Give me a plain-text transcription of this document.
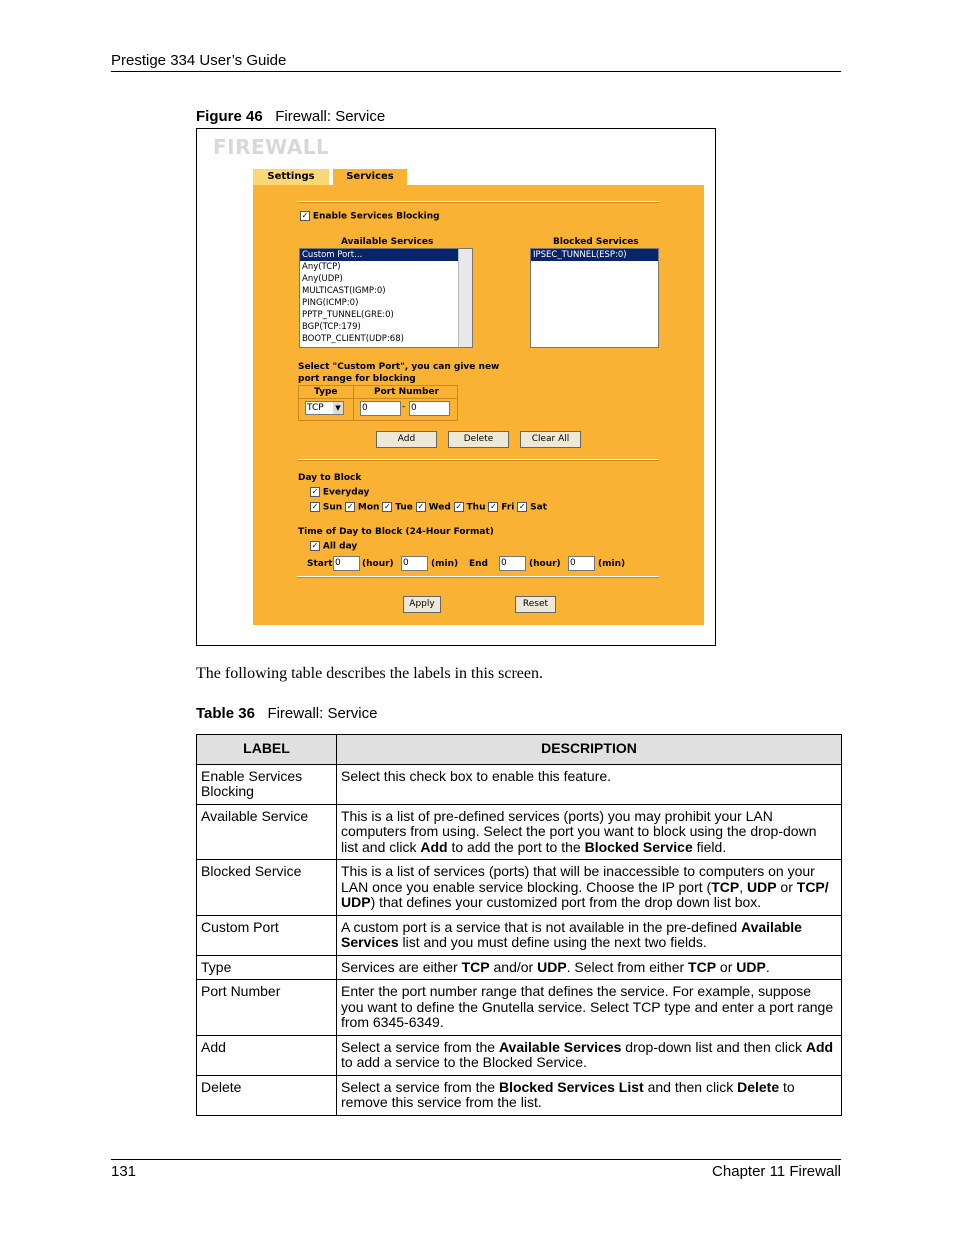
Prestige 334 User’s Guide
Figure 46 Firewall: Service
FIREWALL
Settings	Services
✓ Enable Services Blocking
Available Services	Blocked Services
Custom Port...
Any(TCP)
Any(UDP)
MULTICAST(IGMP:0)
PING(ICMP:0)
PPTP_TUNNEL(GRE:0)
BGP(TCP:179)
BOOTP_CLIENT(UDP:68)
IPSEC_TUNNEL(ESP:0)
Select "Custom Port", you can give new
port range for blocking
Type	Port Number
TCP	▼ 0	- 0
Add	Delete	Clear All
Day to Block
✓ Everyday
✓ Sun ✓ Mon ✓ Tue ✓ Wed ✓ Thu ✓ Fri ✓ Sat
Time of Day to Block (24-Hour Format)
✓ All day
Start 0	(hour) 0	(min) End 0	(hour) 0	(min)
Apply	Reset
The following table describes the labels in this screen.
Table 36 Firewall: Service
LABEL	DESCRIPTION
Enable Services Blocking	Select this check box to enable this feature.
Available Service	This is a list of pre-defined services (ports) you may prohibit your LAN computers from using. Select the port you want to block using the drop-down list and click Add to add the port to the Blocked Service field.
Blocked Service	This is a list of services (ports) that will be inaccessible to computers on your LAN once you enable service blocking. Choose the IP port (TCP, UDP or TCP/ UDP) that defines your customized port from the drop down list box.
Custom Port	A custom port is a service that is not available in the pre-defined Available Services list and you must define using the next two fields.
Type	Services are either TCP and/or UDP. Select from either TCP or UDP.
Port Number	Enter the port number range that defines the service. For example, suppose you want to define the Gnutella service. Select TCP type and enter a port range from 6345-6349.
Add	Select a service from the Available Services drop-down list and then click Add to add a service to the Blocked Service.
Delete	Select a service from the Blocked Services List and then click Delete to remove this service from the list.
131	Chapter 11 Firewall
